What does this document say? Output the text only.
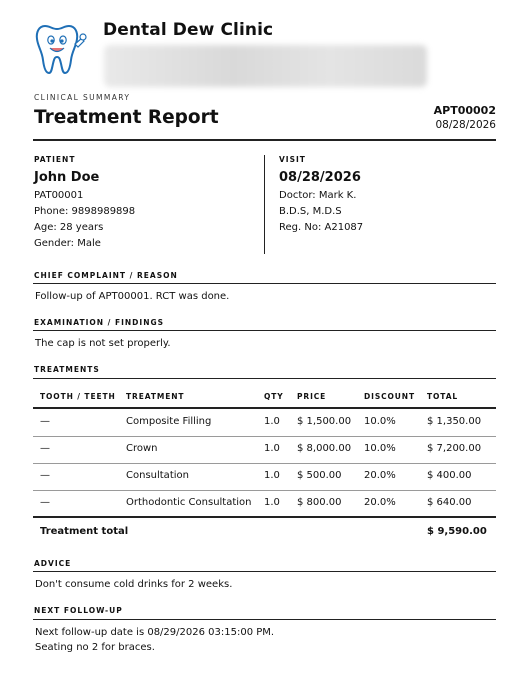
Dental Dew Clinic
CLINICAL SUMMARY
Treatment Report	APT00002
08/28/2026
PATIENT
John Doe
PAT00001
Phone: 9898989898
Age: 28 years
Gender: Male
VISIT
08/28/2026
Doctor: Mark K.
B.D.S, M.D.S
Reg. No: A21087
CHIEF COMPLAINT / REASON
Follow-up of APT00001. RCT was done.
EXAMINATION / FINDINGS
The cap is not set properly.
TREATMENTS
TOOTH / TEETH TREATMENT	QTY PRICE	DISCOUNT TOTAL
—	Composite Filling	1.0 $ 1,500.00 10.0%	$ 1,350.00
—	Crown	1.0 $ 8,000.00 10.0%	$ 7,200.00
—	Consultation	1.0 $ 500.00 20.0%	$ 400.00
—	Orthodontic Consultation 1.0 $ 800.00 20.0%	$ 640.00
Treatment total	$ 9,590.00
ADVICE
Don't consume cold drinks for 2 weeks.
NEXT FOLLOW-UP
Next follow-up date is 08/29/2026 03:15:00 PM.
Seating no 2 for braces.
